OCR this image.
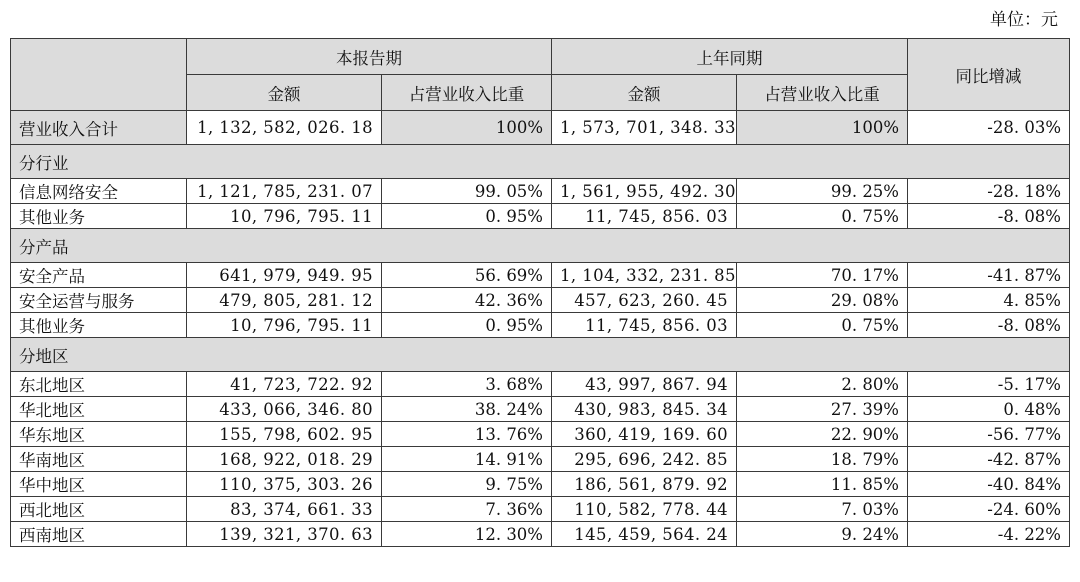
单位：元
	本报告期		上年同期		同比增减
	金额	占营业收入比重	金额	占营业收入比重	
营业收入合计	1, 132, 582, 026. 18	100%	1, 573, 701, 348. 33	100%	-28. 03%
分行业					
信息网络安全	1, 121, 785, 231. 07	99. 05%	1, 561, 955, 492. 30	99. 25%	-28. 18%
其他业务	10, 796, 795. 11	0. 95%	11, 745, 856. 03	0. 75%	-8. 08%
分产品					
安全产品	641, 979, 949. 95	56. 69%	1, 104, 332, 231. 85	70. 17%	-41. 87%
安全运营与服务	479, 805, 281. 12	42. 36%	457, 623, 260. 45	29. 08%	4. 85%
其他业务	10, 796, 795. 11	0. 95%	11, 745, 856. 03	0. 75%	-8. 08%
分地区					
东北地区	41, 723, 722. 92	3. 68%	43, 997, 867. 94	2. 80%	-5. 17%
华北地区	433, 066, 346. 80	38. 24%	430, 983, 845. 34	27. 39%	0. 48%
华东地区	155, 798, 602. 95	13. 76%	360, 419, 169. 60	22. 90%	-56. 77%
华南地区	168, 922, 018. 29	14. 91%	295, 696, 242. 85	18. 79%	-42. 87%
华中地区	110, 375, 303. 26	9. 75%	186, 561, 879. 92	11. 85%	-40. 84%
西北地区	83, 374, 661. 33	7. 36%	110, 582, 778. 44	7. 03%	-24. 60%
西南地区	139, 321, 370. 63	12. 30%	145, 459, 564. 24	9. 24%	-4. 22%
